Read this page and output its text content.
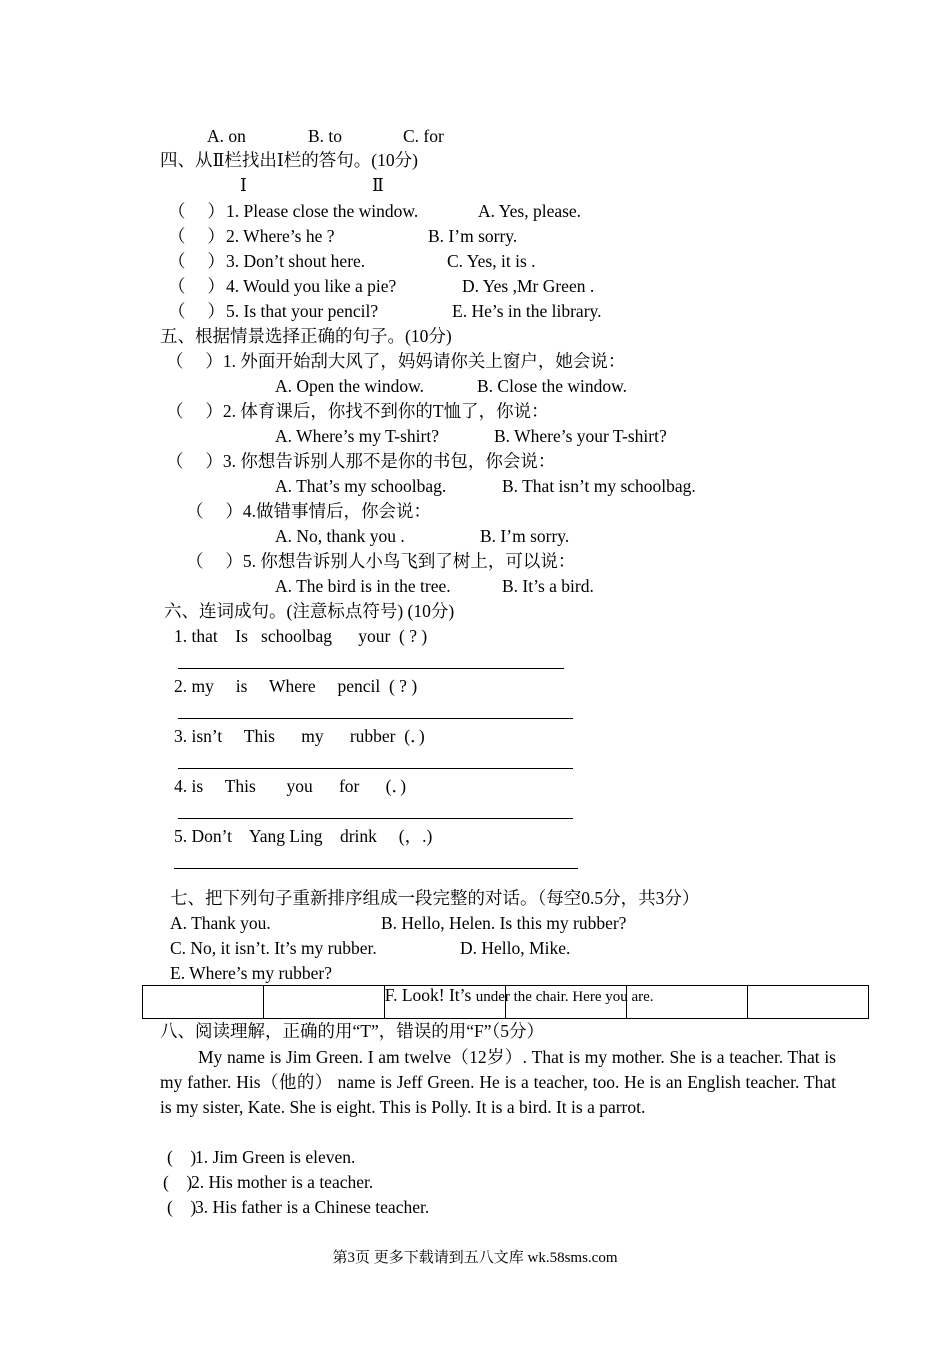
A. on	B. to	C. for
四、从Ⅱ栏找出Ⅰ栏的答句。(10分)
Ⅰ	Ⅱ
（　 ） 1. Please close the window.	A. Yes, please.
（　 ） 2. Where’s he ?	B. I’m sorry.
（　 ） 3. Don’t shout here.	C. Yes, it is .
（　 ） 4. Would you like a pie?	D. Yes ,Mr Green .
（　 ） 5. Is that your pencil?	E. He’s in the library.
五、根据情景选择正确的句子。(10分)
（　 ）1. 外面开始刮大风了，妈妈请你关上窗户，她会说：
A. Open the window.	B. Close the window.
（　 ）2. 体育课后，你找不到你的T恤了，你说：
A. Where’s my T-shirt?	B. Where’s your T-shirt?
（　 ）3. 你想告诉别人那不是你的书包，你会说：
A. That’s my schoolbag.	B. That isn’t my schoolbag.
（　 ）4.做错事情后，你会说：
A. No, thank you .	B. I’m sorry.
（　 ）5. 你想告诉别人小鸟飞到了树上，可以说：
A. The bird is in the tree.	B. It’s a bird.
六、连词成句。(注意标点符号) (10分)
1. that    Is   schoolbag      your  ( ? )
2. my     is     Where     pencil  ( ? )
3. isn’t     This      my      rubber  (．)
4. is     This       you      for      (．)
5. Don’t    Yang Ling    drink     (，.)
七、把下列句子重新排序组成一段完整的对话。（每空0.5分，共3分）
A. Thank you.	B. Hello, Helen. Is this my rubber?
C. No, it isn’t. It’s my rubber.	D. Hello, Mike.
E. Where’s my rubber?

F. Look! It’s under the chair. Here you are.

八、阅读理解，正确的用“T”，错误的用“F”（5分）
My name is Jim Green. I am twelve（12岁）. That is my mother. She is a teacher. That is my father. His（他的） name is Jeff Green. He is a teacher, too. He is an English teacher. That is my sister, Kate. She is eight. This is Polly. It is a bird. It is a parrot.
(    )
1. Jim Green is eleven.
(    )
2. His mother is a teacher.
(    )
3. His father is a Chinese teacher.
第3页 更多下载请到五八文库 wk.58sms.com
